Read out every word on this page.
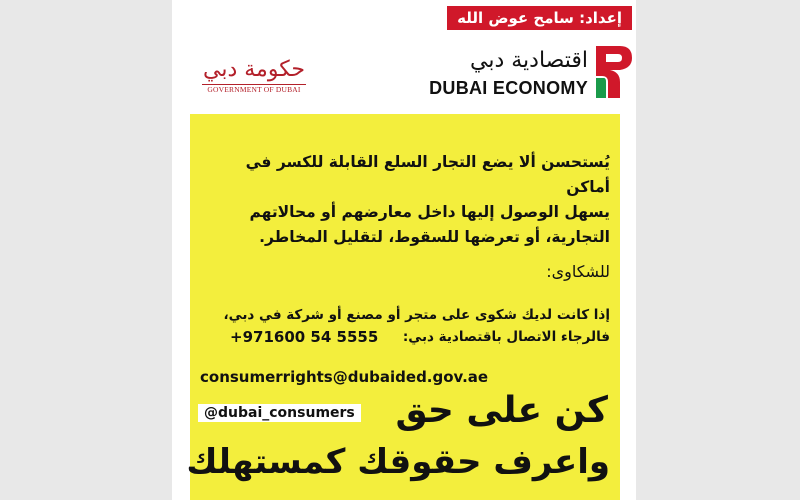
إعداد: سامح عوض الله
حكومة دبي
GOVERNMENT OF DUBAI
اقتصادية دبي
DUBAI ECONOMY
يُستحسن ألا يضع التجار السلع القابلة للكسر في أماكن
يسهل الوصول إليها داخل معارضهم أو محالاتهم
التجارية، أو تعرضها للسقوط، لتقليل المخاطر.
للشكاوى:
إذا كانت لديك شكوى على متجر أو مصنع أو شركة في دبي،
فالرجاء الاتصال باقتصادية دبي:
+971600 54 5555
consumerrights@dubaided.gov.ae
@dubai_consumers كن على حق
واعرف حقوقك كمستهلك
